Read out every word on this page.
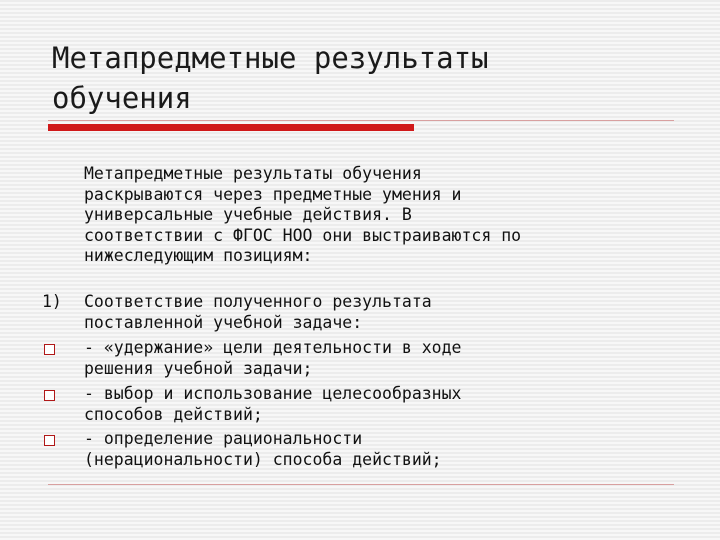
Метапредметные результаты
обучения

Метапредметные результаты обучения
раскрываются через предметные умения и
универсальные учебные действия. В
соответствии с ФГОС НОО они выстраиваются по
нижеследующим позициям:

1) Соответствие полученного результата
поставленной учебной задаче:

- «удержание» цели деятельности в ходе
решения учебной задачи;

- выбор и использование целесообразных
способов действий;

- определение рациональности
(нерациональности) способа действий;
